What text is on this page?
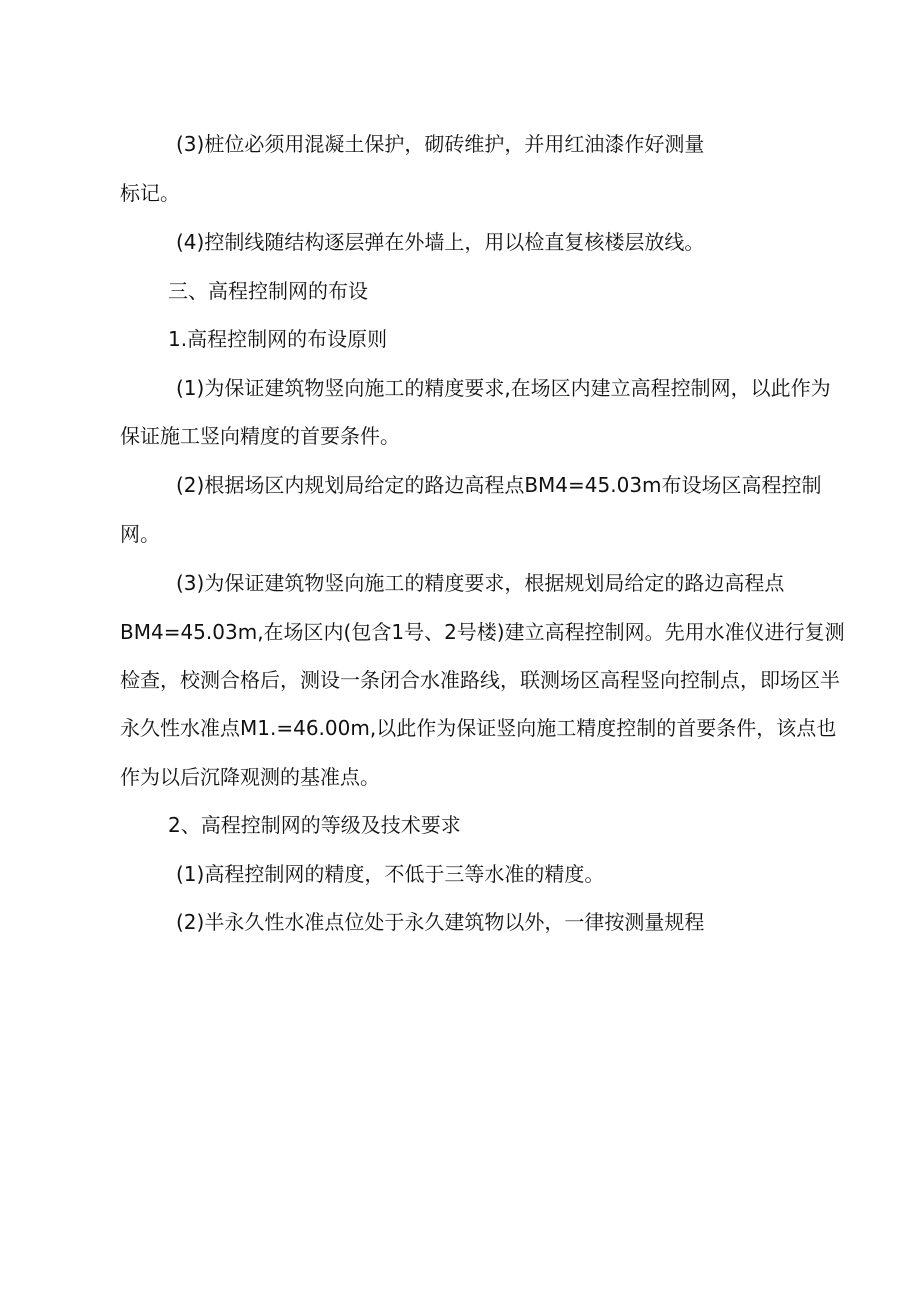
(3)桩位必须用混凝土保护，砌砖维护，并用红油漆作好测量
标记。
(4)控制线随结构逐层弹在外墙上，用以检直复核楼层放线。
三、高程控制网的布设
1.高程控制网的布设原则
(1)为保证建筑物竖向施工的精度要求,在场区内建立高程控制网，以此作为
保证施工竖向精度的首要条件。
(2)根据场区内规划局给定的路边高程点BM4=45.03m布设场区高程控制
网。
(3)为保证建筑物竖向施工的精度要求，根据规划局给定的路边高程点
BM4=45.03m,在场区内(包含1号、2号楼)建立高程控制网。先用水准仪进行复测
检查，校测合格后，测设一条闭合水准路线，联测场区高程竖向控制点，即场区半
永久性水准点M1.=46.00m,以此作为保证竖向施工精度控制的首要条件，该点也
作为以后沉降观测的基准点。
2、高程控制网的等级及技术要求
(1)高程控制网的精度，不低于三等水准的精度。
(2)半永久性水准点位处于永久建筑物以外，一律按测量规程
